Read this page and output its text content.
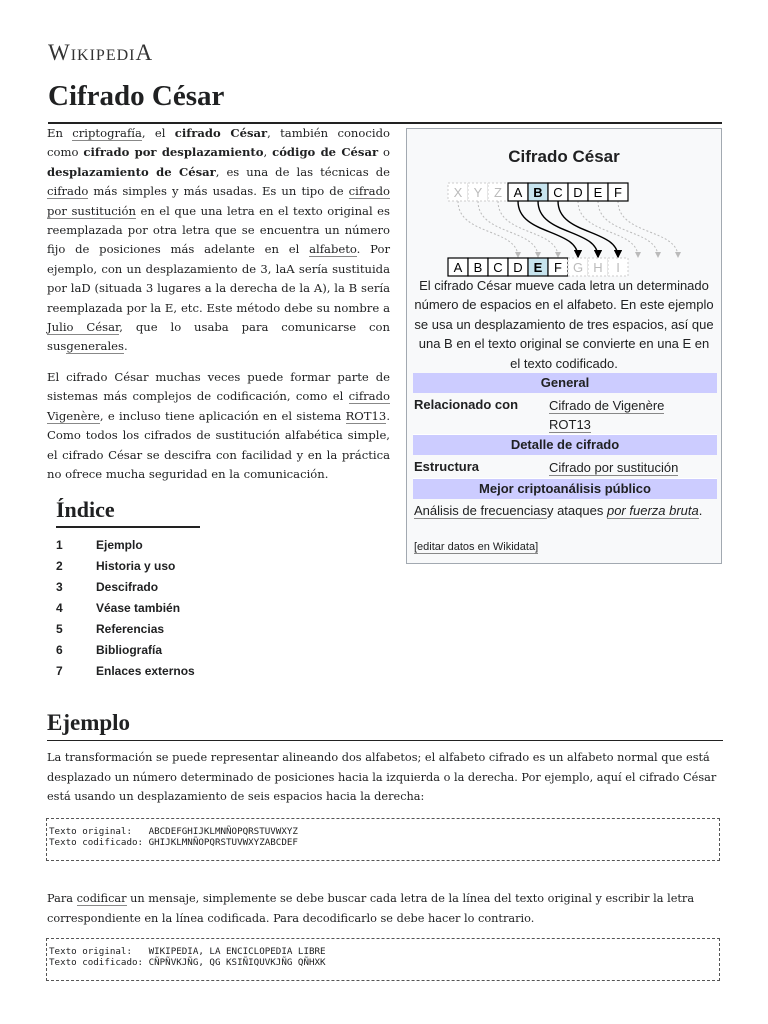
WikipediA
Cifrado César

En criptografía, el cifrado César, también conocido como cifrado por desplazamiento, código de César o desplazamiento de César, es una de las técnicas de cifrado más simples y más usadas. Es un tipo de cifrado por sustitución en el que una letra en el texto original es reemplazada por otra letra que se encuentra un número fijo de posiciones más adelante en el alfabeto. Por ejemplo, con un desplazamiento de 3, laA sería sustituida por laD (situada 3 lugares a la derecha de la A), la B sería reemplazada por la E, etc. Este método debe su nombre a Julio César, que lo usaba para comunicarse con susgenerales.

El cifrado César muchas veces puede formar parte de sistemas más complejos de codificación, como el cifrado Vigenère, e incluso tiene aplicación en el sistema ROT13. Como todos los cifrados de sustitución alfabética simple, el cifrado César se descifra con facilidad y en la práctica no ofrece mucha seguridad en la comunicación.

Cifrado César
X Y Z A B C D E F
A B C D E F G H I
El cifrado César mueve cada letra un determinado número de espacios en el alfabeto. En este ejemplo se usa un desplazamiento de tres espacios, así que una B en el texto original se convierte en una E en el texto codificado.
General
Relacionado con Cifrado de Vigenère
ROT13
Detalle de cifrado
Estructura	Cifrado por sustitución
Mejor criptoanálisis público
Análisis de frecuenciasy ataques por fuerza bruta.
[editar datos en Wikidata]
Índice
1	Ejemplo
2	Historia y uso
3	Descifrado
4	Véase también
5	Referencias
6	Bibliografía
7	Enlaces externos
Ejemplo
La transformación se puede representar alineando dos alfabetos; el alfabeto cifrado es un alfabeto normal que está desplazado un número determinado de posiciones hacia la izquierda o la derecha. Por ejemplo, aquí el cifrado César está usando un desplazamiento de seis espacios hacia la derecha:
Texto original:   ABCDEFGHIJKLMNÑOPQRSTUVWXYZ
Texto codificado: GHIJKLMNÑOPQRSTUVWXYZABCDEF
Para codificar un mensaje, simplemente se debe buscar cada letra de la línea del texto original y escribir la letra correspondiente en la línea codificada. Para decodificarlo se debe hacer lo contrario.
Texto original:   WIKIPEDIA, LA ENCICLOPEDIA LIBRE
Texto codificado: CÑPÑVKJÑG, QG KSIÑIQUVKJÑG QÑHXK
